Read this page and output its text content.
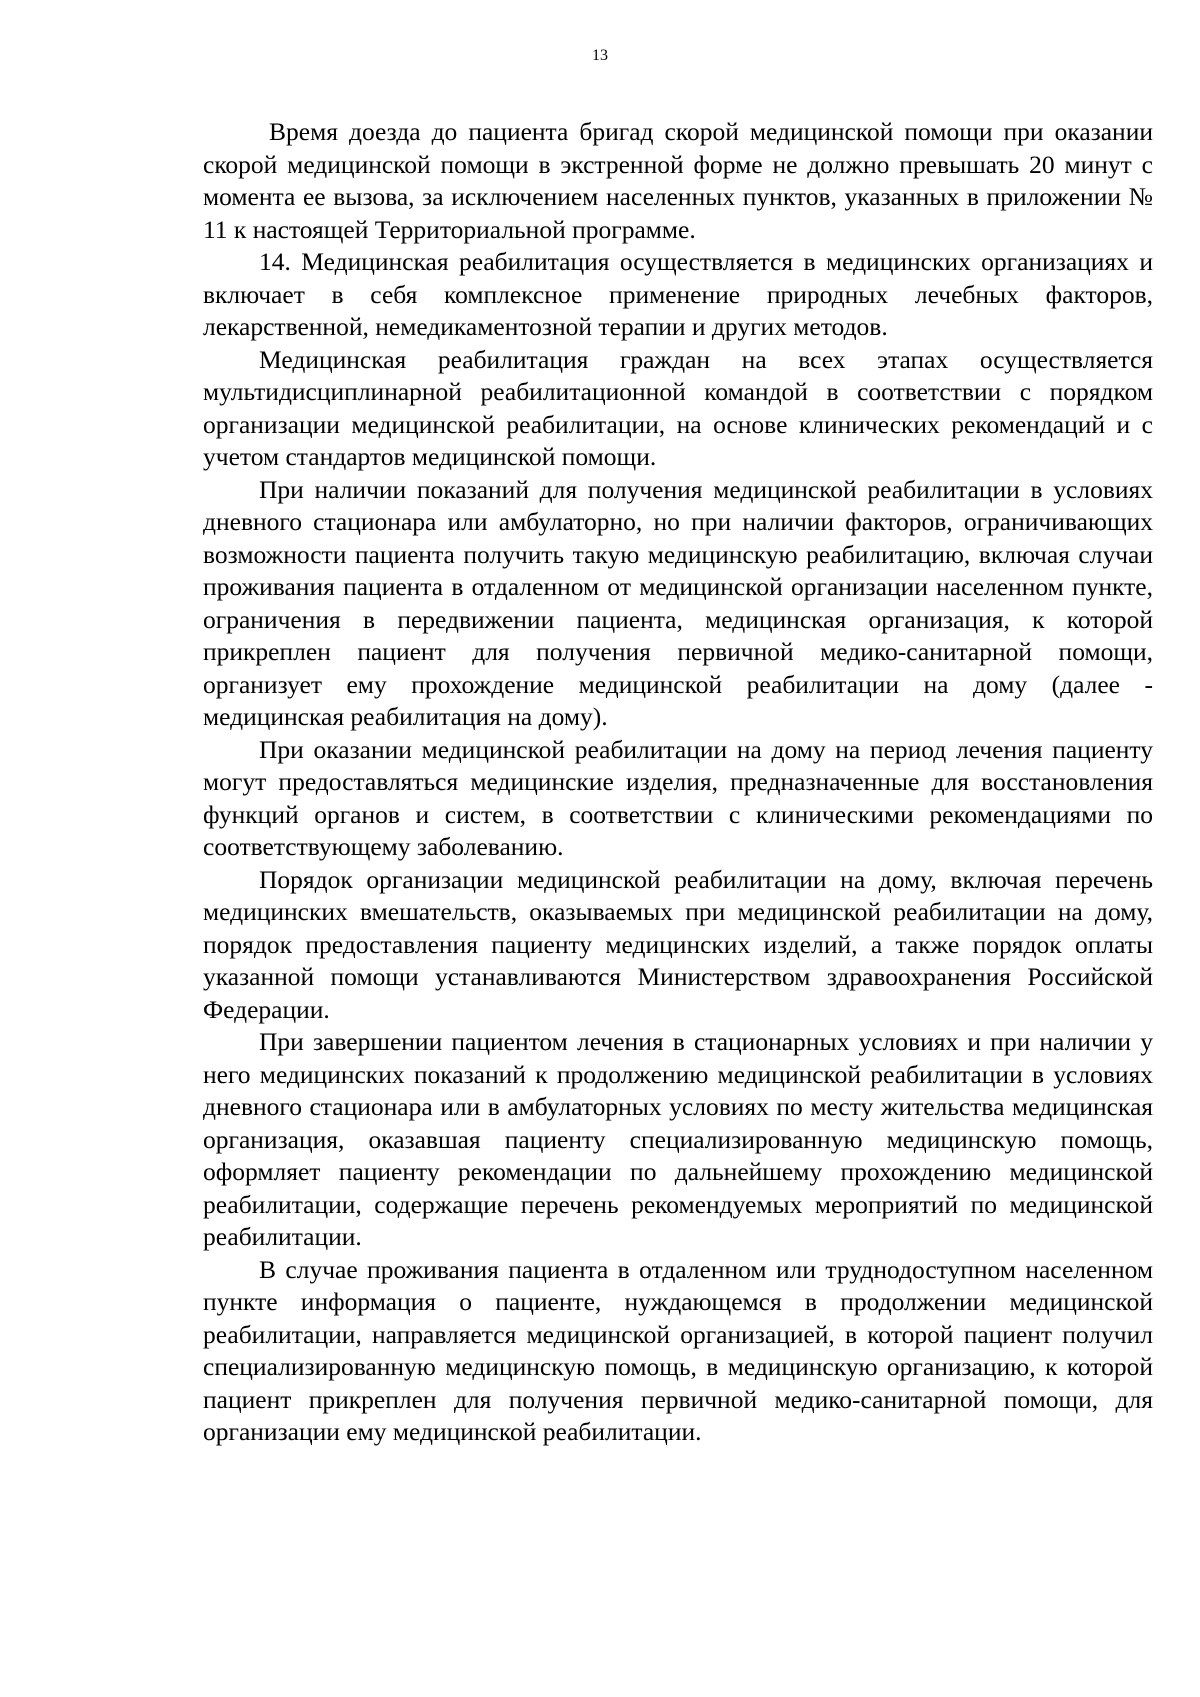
13

Время доезда до пациента бригад скорой медицинской помощи при оказании скорой медицинской помощи в экстренной форме не должно превышать 20 минут с момента ее вызова, за исключением населенных пунктов, указанных в приложении № 11 к настоящей Территориальной программе.

14. Медицинская реабилитация осуществляется в медицинских организациях и включает в себя комплексное применение природных лечебных факторов, лекарственной, немедикаментозной терапии и других методов.

Медицинская реабилитация граждан на всех этапах осуществляется мультидисциплинарной реабилитационной командой в соответствии с порядком организации медицинской реабилитации, на основе клинических рекомендаций и с учетом стандартов медицинской помощи.

При наличии показаний для получения медицинской реабилитации в условиях дневного стационара или амбулаторно, но при наличии факторов, ограничивающих возможности пациента получить такую медицинскую реабилитацию, включая случаи проживания пациента в отдаленном от медицинской организации населенном пункте, ограничения в передвижении пациента, медицинская организация, к которой прикреплен пациент для получения первичной медико-санитарной помощи, организует ему прохождение медицинской реабилитации на дому (далее - медицинская реабилитация на дому).

При оказании медицинской реабилитации на дому на период лечения пациенту могут предоставляться медицинские изделия, предназначенные для восстановления функций органов и систем, в соответствии с клиническими рекомендациями по соответствующему заболеванию.

Порядок организации медицинской реабилитации на дому, включая перечень медицинских вмешательств, оказываемых при медицинской реабилитации на дому, порядок предоставления пациенту медицинских изделий, а также порядок оплаты указанной помощи устанавливаются Министерством здравоохранения Российской Федерации.

При завершении пациентом лечения в стационарных условиях и при наличии у него медицинских показаний к продолжению медицинской реабилитации в условиях дневного стационара или в амбулаторных условиях по месту жительства медицинская организация, оказавшая пациенту специализированную медицинскую помощь, оформляет пациенту рекомендации по дальнейшему прохождению медицинской реабилитации, содержащие перечень рекомендуемых мероприятий по медицинской реабилитации.

В случае проживания пациента в отдаленном или труднодоступном населенном пункте информация о пациенте, нуждающемся в продолжении медицинской реабилитации, направляется медицинской организацией, в которой пациент получил специализированную медицинскую помощь, в медицинскую организацию, к которой пациент прикреплен для получения первичной медико-санитарной помощи, для организации ему медицинской реабилитации.
